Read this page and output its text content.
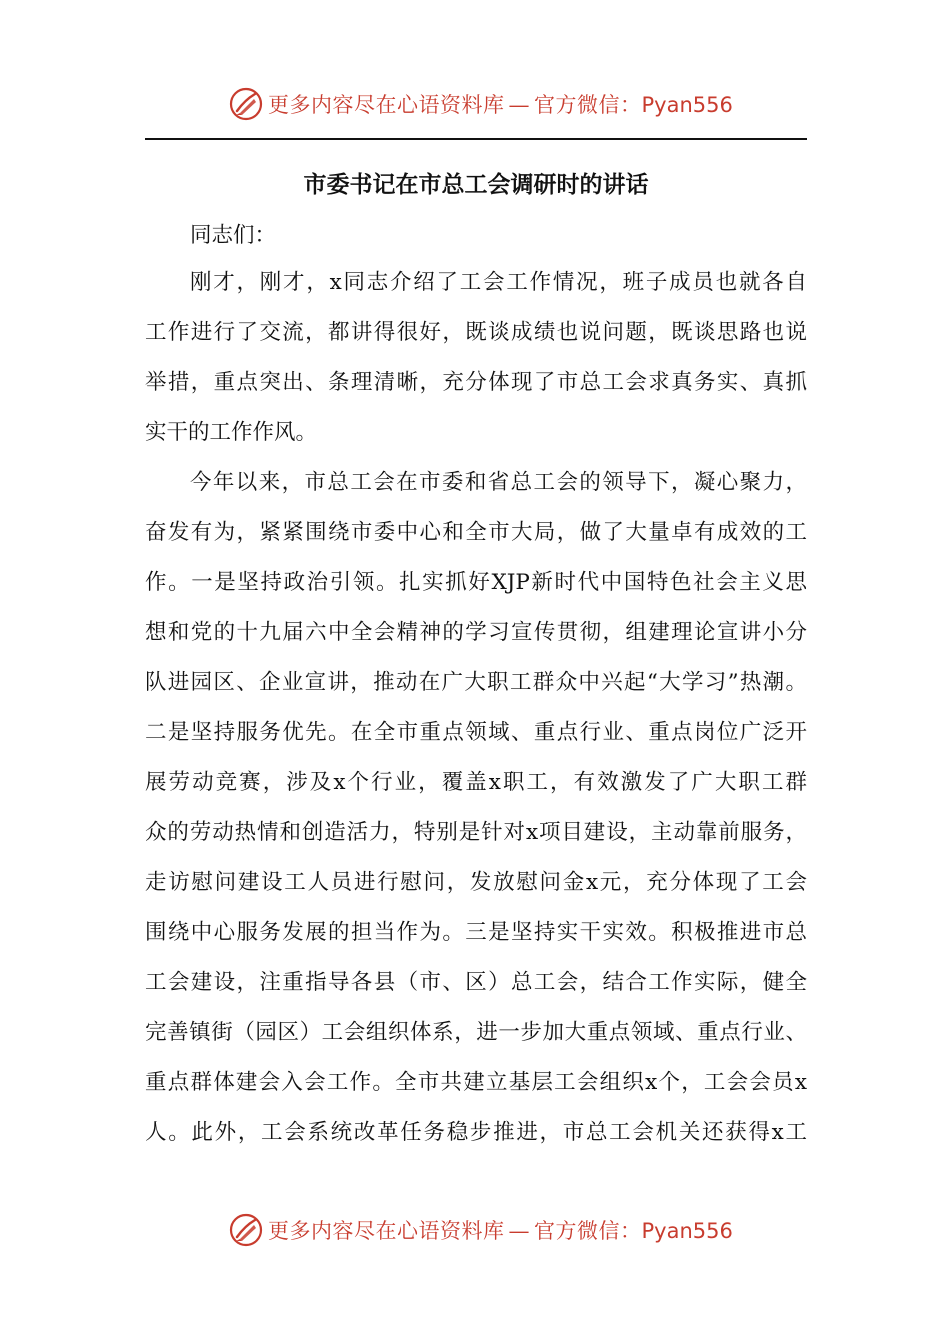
更多内容尽在心语资料库 — 官方微信：Pyan556
市委书记在市总工会调研时的讲话
同志们：
刚才，刚才，x同志介绍了工会工作情况，班子成员也就各自
工作进行了交流，都讲得很好，既谈成绩也说问题，既谈思路也说
举措，重点突出、条理清晰，充分体现了市总工会求真务实、真抓
实干的工作作风。
今年以来，市总工会在市委和省总工会的领导下，凝心聚力，
奋发有为，紧紧围绕市委中心和全市大局，做了大量卓有成效的工
作。一是坚持政治引领。扎实抓好XJP新时代中国特色社会主义思
想和党的十九届六中全会精神的学习宣传贯彻，组建理论宣讲小分
队进园区、企业宣讲，推动在广大职工群众中兴起“大学习”热潮。
二是坚持服务优先。在全市重点领域、重点行业、重点岗位广泛开
展劳动竞赛，涉及x个行业，覆盖x职工，有效激发了广大职工群
众的劳动热情和创造活力，特别是针对x项目建设，主动靠前服务，
走访慰问建设工人员进行慰问，发放慰问金x元，充分体现了工会
围绕中心服务发展的担当作为。三是坚持实干实效。积极推进市总
工会建设，注重指导各县（市、区）总工会，结合工作实际，健全
完善镇街（园区）工会组织体系，进一步加大重点领域、重点行业、
重点群体建会入会工作。全市共建立基层工会组织x个，工会会员x
人。此外，工会系统改革任务稳步推进，市总工会机关还获得x工
更多内容尽在心语资料库 — 官方微信：Pyan556
